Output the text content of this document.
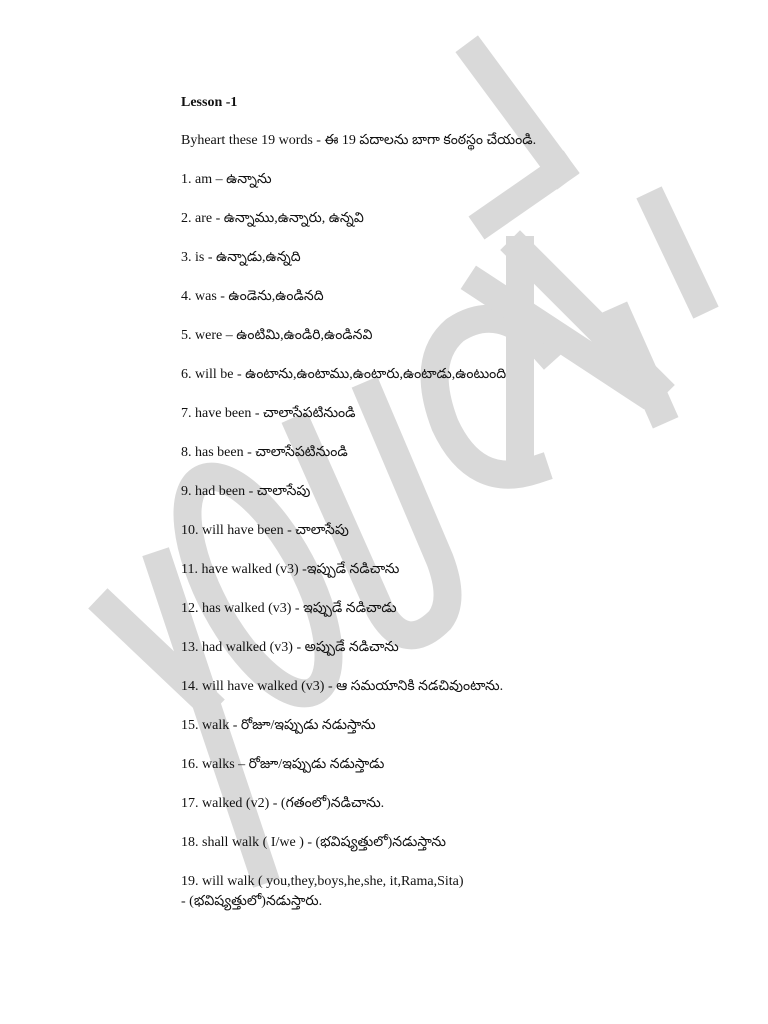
Lesson -1
Byheart these 19 words - ఈ 19 పదాలను బాగా కంఠస్థం చేయండి.
1. am – ఉన్నాను
2. are - ఉన్నాము,ఉన్నారు, ఉన్నవి
3. is - ఉన్నాడు,ఉన్నది
4. was - ఉండెను,ఉండినది
5. were – ఉంటిమి,ఉండిరి,ఉండినవి
6. will be - ఉంటాను,ఉంటాము,ఉంటారు,ఉంటాడు,ఉంటుంది
7. have been - చాలాసేపటినుండి
8. has been - చాలాసేపటినుండి
9. had been - చాలాసేపు
10. will have been - చాలాసేపు
11. have walked (v3) -ఇప్పుడే నడిచాను
12. has walked (v3) - ఇప్పుడే నడిచాడు
13. had walked (v3) - అప్పుడే నడిచాను
14. will have walked (v3) - ఆ సమయానికి నడచివుంటాను.
15. walk - రోజూ/ఇప్పుడు నడుస్తాను
16. walks – రోజూ/ఇప్పుడు నడుస్తాడు
17. walked (v2) - (గతంలో)నడిచాను.
18. shall walk ( I/we ) - (భవిష్యత్తులో)నడుస్తాను
19. will walk ( you,they,boys,he,she, it,Rama,Sita)
- (భవిష్యత్తులో)నడుస్తారు.
